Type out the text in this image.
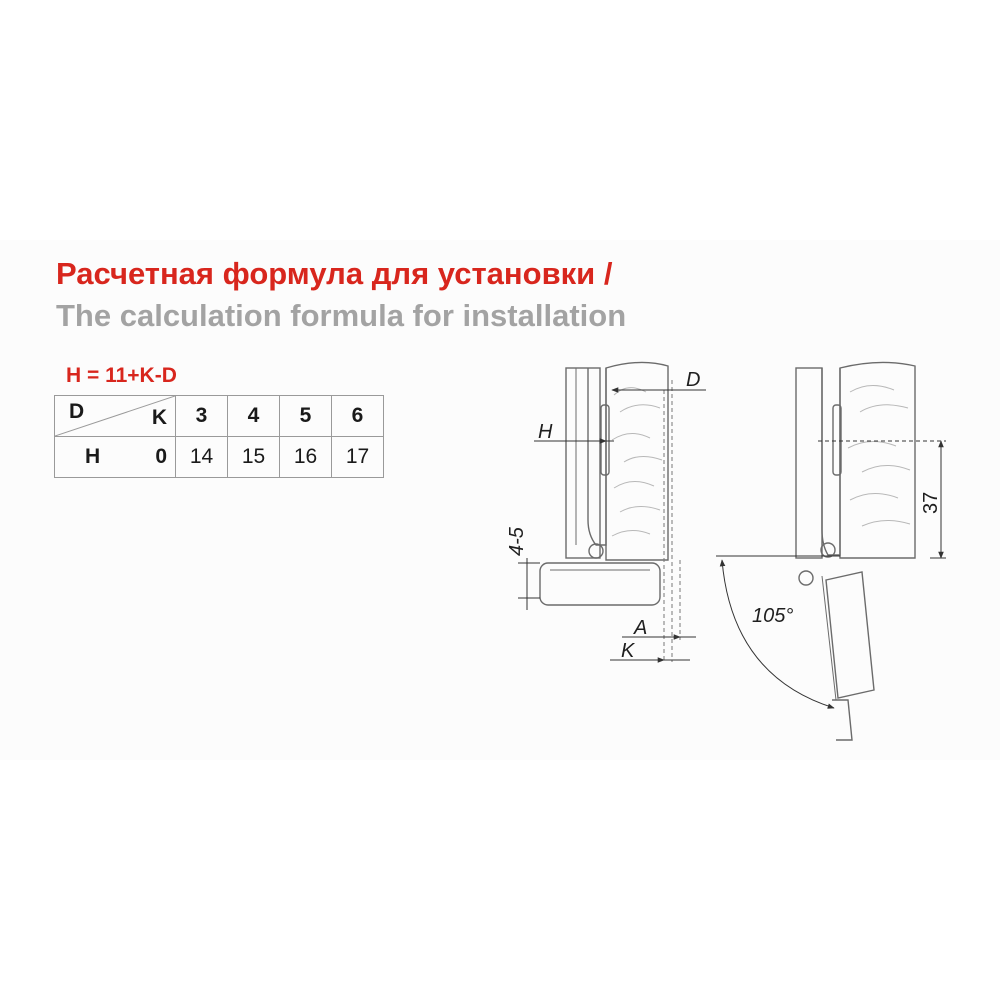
Расчетная формула для установки /
The calculation formula for installation
H = 11+K-D
D K	3	4	5	6

H 0	14	15	16	17
D
H
4-5
A
K
37
105°
